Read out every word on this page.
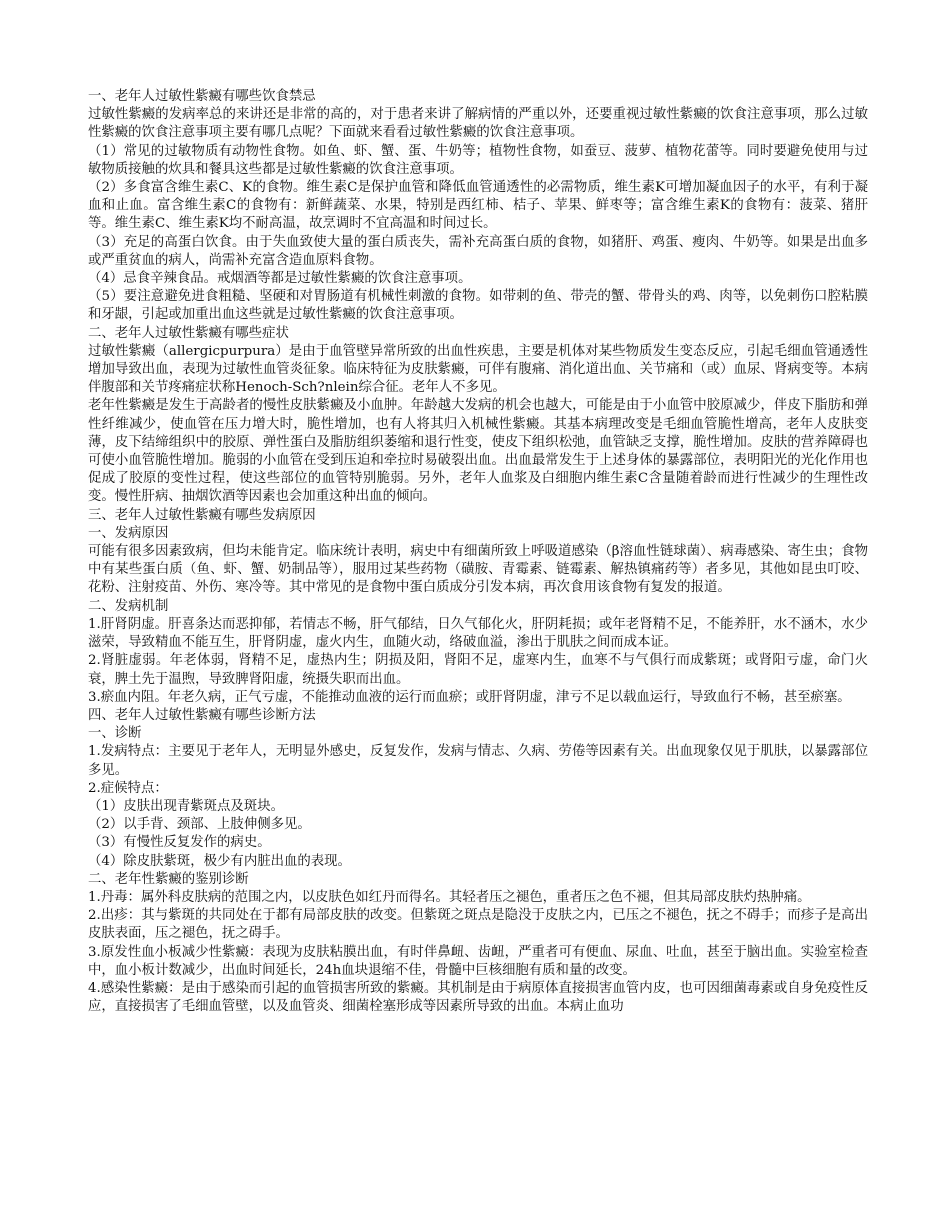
一、老年人过敏性紫癜有哪些饮食禁忌

过敏性紫癜的发病率总的来讲还是非常的高的，对于患者来讲了解病情的严重以外，还要重视过敏性紫癜的饮食注意事项，那么过敏性紫癜的饮食注意事项主要有哪几点呢？下面就来看看过敏性紫癜的饮食注意事项。

（1）常见的过敏物质有动物性食物。如鱼、虾、蟹、蛋、牛奶等；植物性食物，如蚕豆、菠萝、植物花蕾等。同时要避免使用与过敏物质接触的炊具和餐具这些都是过敏性紫癜的饮食注意事项。

（2）多食富含维生素C、K的食物。维生素C是保护血管和降低血管通透性的必需物质，维生素K可增加凝血因子的水平，有利于凝血和止血。富含维生素C的食物有：新鲜蔬菜、水果，特别是西红柿、桔子、苹果、鲜枣等；富含维生素K的食物有：菠菜、猪肝等。维生素C、维生素K均不耐高温，故烹调时不宜高温和时间过长。

（3）充足的高蛋白饮食。由于失血致使大量的蛋白质丧失，需补充高蛋白质的食物，如猪肝、鸡蛋、瘦肉、牛奶等。如果是出血多或严重贫血的病人，尚需补充富含造血原料食物。

（4）忌食辛辣食品。戒烟酒等都是过敏性紫癜的饮食注意事项。

（5）要注意避免进食粗糙、坚硬和对胃肠道有机械性刺激的食物。如带刺的鱼、带壳的蟹、带骨头的鸡、肉等，以免刺伤口腔粘膜和牙龈，引起或加重出血这些就是过敏性紫癜的饮食注意事项。

二、老年人过敏性紫癜有哪些症状

过敏性紫癜（allergicpurpura）是由于血管壁异常所致的出血性疾患，主要是机体对某些物质发生变态反应，引起毛细血管通透性增加导致出血，表现为过敏性血管炎征象。临床特征为皮肤紫癜，可伴有腹痛、消化道出血、关节痛和（或）血尿、肾病变等。本病伴腹部和关节疼痛症状称Henoch-Sch?nlein综合征。老年人不多见。

老年性紫癜是发生于高龄者的慢性皮肤紫癜及小血肿。年龄越大发病的机会也越大，可能是由于小血管中胶原减少，伴皮下脂肪和弹性纤维减少，使血管在压力增大时，脆性增加，也有人将其归入机械性紫癜。其基本病理改变是毛细血管脆性增高，老年人皮肤变薄，皮下结缔组织中的胶原、弹性蛋白及脂肪组织萎缩和退行性变，使皮下组织松弛，血管缺乏支撑，脆性增加。皮肤的营养障碍也可使小血管脆性增加。脆弱的小血管在受到压迫和牵拉时易破裂出血。出血最常发生于上述身体的暴露部位，表明阳光的光化作用也促成了胶原的变性过程，使这些部位的血管特别脆弱。另外，老年人血浆及白细胞内维生素C含量随着龄而进行性减少的生理性改变。慢性肝病、抽烟饮酒等因素也会加重这种出血的倾向。

三、老年人过敏性紫癜有哪些发病原因

一、发病原因

可能有很多因素致病，但均未能肯定。临床统计表明，病史中有细菌所致上呼吸道感染（β溶血性链球菌）、病毒感染、寄生虫；食物中有某些蛋白质（鱼、虾、蟹、奶制品等），服用过某些药物（磺胺、青霉素、链霉素、解热镇痛药等）者多见，其他如昆虫叮咬、花粉、注射疫苗、外伤、寒冷等。其中常见的是食物中蛋白质成分引发本病，再次食用该食物有复发的报道。

二、发病机制

1.肝肾阴虚。肝喜条达而恶抑郁，若情志不畅，肝气郁结，日久气郁化火，肝阴耗损；或年老肾精不足，不能养肝，水不涵木，水少滋荣，导致精血不能互生，肝肾阴虚，虚火内生，血随火动，络破血溢，渗出于肌肤之间而成本证。

2.肾脏虚弱。年老体弱，肾精不足，虚热内生；阴损及阳，肾阳不足，虚寒内生，血寒不与气俱行而成紫斑；或肾阳亏虚，命门火衰，脾土先于温煦，导致脾肾阳虚，统摄失职而出血。

3.瘀血内阻。年老久病，正气亏虚，不能推动血液的运行而血瘀；或肝肾阴虚，津亏不足以载血运行，导致血行不畅，甚至瘀塞。

四、老年人过敏性紫癜有哪些诊断方法

一、诊断

1.发病特点：主要见于老年人，无明显外感史，反复发作，发病与情志、久病、劳倦等因素有关。出血现象仅见于肌肤，以暴露部位多见。

2.症候特点：

（1）皮肤出现青紫斑点及斑块。

（2）以手背、颈部、上肢伸侧多见。

（3）有慢性反复发作的病史。

（4）除皮肤紫斑，极少有内脏出血的表现。

二、老年性紫癜的鉴别诊断

1.丹毒：属外科皮肤病的范围之内，以皮肤色如红丹而得名。其轻者压之褪色，重者压之色不褪，但其局部皮肤灼热肿痛。

2.出疹：其与紫斑的共同处在于都有局部皮肤的改变。但紫斑之斑点是隐没于皮肤之内，已压之不褪色，抚之不碍手；而疹子是高出皮肤表面，压之褪色，抚之碍手。

3.原发性血小板减少性紫癜：表现为皮肤粘膜出血，有时伴鼻衄、齿衄，严重者可有便血、尿血、吐血，甚至于脑出血。实验室检查中，血小板计数减少，出血时间延长，24h血块退缩不佳，骨髓中巨核细胞有质和量的改变。

4.感染性紫癜：是由于感染而引起的血管损害所致的紫癜。其机制是由于病原体直接损害血管内皮，也可因细菌毒素或自身免疫性反应，直接损害了毛细血管壁，以及血管炎、细菌栓塞形成等因素所导致的出血。本病止血功
